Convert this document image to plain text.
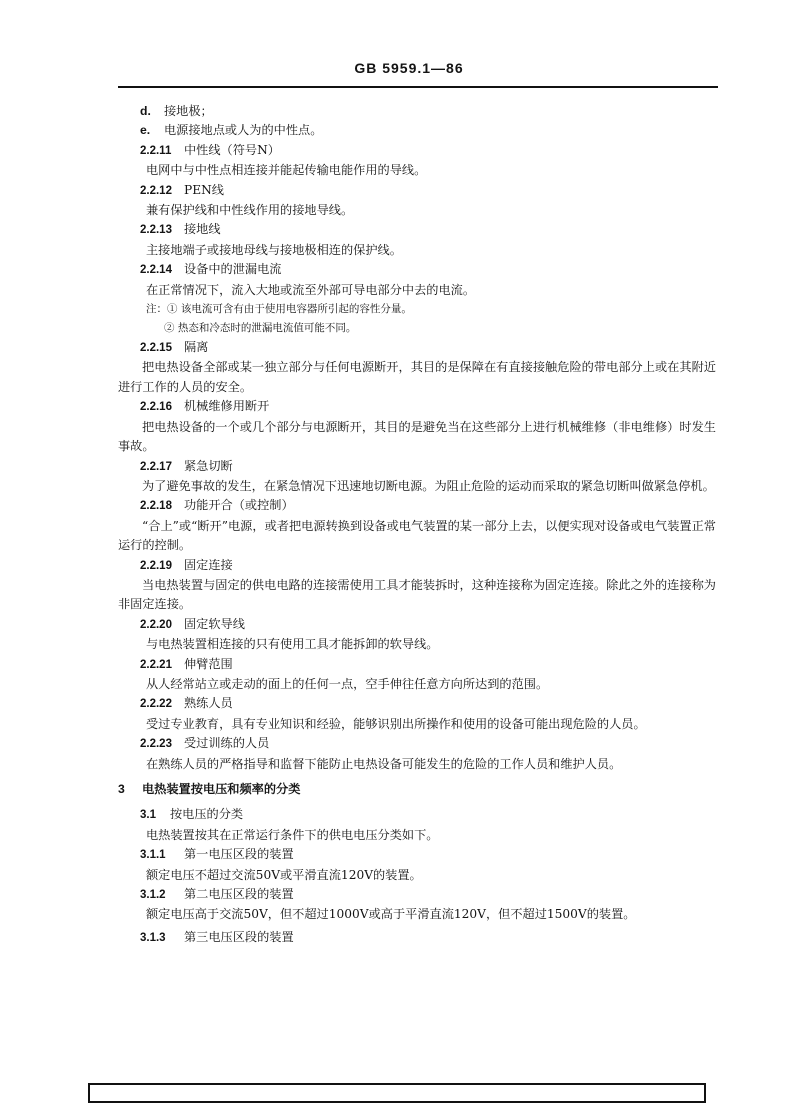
GB 5959.1—86
d. 接地极；
e. 电源接地点或人为的中性点。
2.2.11 中性线（符号N）
电网中与中性点相连接并能起传输电能作用的导线。
2.2.12 PEN线
兼有保护线和中性线作用的接地导线。
2.2.13 接地线
主接地端子或接地母线与接地极相连的保护线。
2.2.14 设备中的泄漏电流
在正常情况下，流入大地或流至外部可导电部分中去的电流。
注：① 该电流可含有由于使用电容器所引起的容性分量。
② 热态和冷态时的泄漏电流值可能不同。
2.2.15 隔离
把电热设备全部或某一独立部分与任何电源断开，其目的是保障在有直接接触危险的带电部分上或在其附近进行工作的人员的安全。
2.2.16 机械维修用断开
把电热设备的一个或几个部分与电源断开，其目的是避免当在这些部分上进行机械维修（非电维修）时发生事故。
2.2.17 紧急切断
为了避免事故的发生，在紧急情况下迅速地切断电源。为阻止危险的运动而采取的紧急切断叫做紧急停机。
2.2.18 功能开合（或控制）
“合上”或“断开”电源，或者把电源转换到设备或电气装置的某一部分上去，以便实现对设备或电气装置正常运行的控制。
2.2.19 固定连接
当电热装置与固定的供电电路的连接需使用工具才能装拆时，这种连接称为固定连接。除此之外的连接称为非固定连接。
2.2.20 固定软导线
与电热装置相连接的只有使用工具才能拆卸的软导线。
2.2.21 伸臂范围
从人经常站立或走动的面上的任何一点，空手伸往任意方向所达到的范围。
2.2.22 熟练人员
受过专业教育，具有专业知识和经验，能够识别出所操作和使用的设备可能出现危险的人员。
2.2.23 受过训练的人员
在熟练人员的严格指导和监督下能防止电热设备可能发生的危险的工作人员和维护人员。
3 电热装置按电压和频率的分类
3.1 按电压的分类
电热装置按其在正常运行条件下的供电电压分类如下。
3.1.1 第一电压区段的装置
额定电压不超过交流50V或平滑直流120V的装置。
3.1.2 第二电压区段的装置
额定电压高于交流50V，但不超过1000V或高于平滑直流120V，但不超过1500V的装置。
3.1.3 第三电压区段的装置
